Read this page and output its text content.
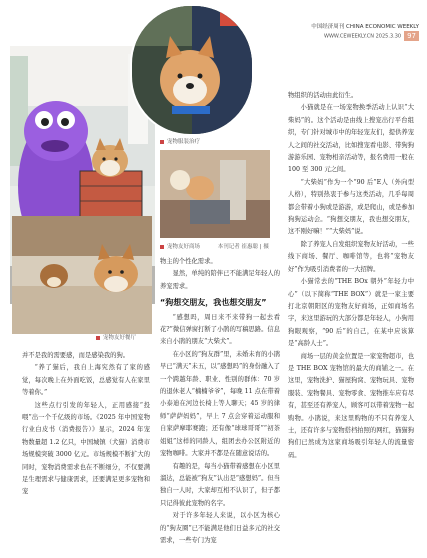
中国经济周刊 CHINA ECONOMIC WEEKLY
WWW.CEWEEKLY.CN 2025.3.30 97
宠物服装治疗
宠物友好商场	本刊记者 崔惠聪 | 摄
宠物友好餐厅

并不是我的需要感，而是感染我的狗。

“养了猫后，我自上海究然有了家的感觉，每次晚上在外面吃饭，总感觉有人在家里等着你。”

这些点行引发的年轻人，正用感接“投喂”出一个千亿级的市场。《2025 年中国宠物行业白皮书（消费报告）》显示，2024 年宠物数量超 1.2 亿只，中国城镇（犬猫）消费市场规模突破 3000 亿元。市场规模不断扩大的同时，宠物消费需求也在不断细分，不仅要满足生理需求与健康需求，还要满足更多宠物和宠

物主的个性化需求。

显然，单纯的陪伴已不能满足年轻人的养宠需求。

“狗想交朋友，我也想交朋友”

“感想吗，周日来不来带狗一起去看花?”微信弹窗打断了小鹃的写稿思路。信息来自小鹃的朋友“大柴犬”。

在小区的“狗友群”里，未婚未育的小鹃早已“满天”未五，以“感想吗”的身份融入了一个跨越年龄、职业、性别的群体：70 岁的退休老人“楠楠爷爷”，每晚 11 点在带着小泰迪在河边长椅上等人聊天；45 岁的律师“萨萨妈妈”，早上 7 点会穿着运动服和自家萨摩耶赛跑；还有像“球球哥哥”“初茶姐姐”这样的同龄人，组团去办公区附近的宠物咖啡。大家并不都是在随意说话的。

有趣的是，每当小猫带着感想在小区里溜达，总能被“狗友”认出是“感想妈”。但当独自一人时，大家却互相不认识了，但子都只记得彼此宠物的名字。

对于许多年轻人来说，以小区为核心的“狗友圈”已不能满足他们日益多元的社交需求，一些专门为宠

物组织的活动由此衍生。

小猫就是在一场宠物换季活动上认识“大柴妈”的。这个活动是由线上搜宠出行平台组织，专门针对城市中的年轻宠友们，提供养宠人之间的社交活动，比如搜宠看电影、带狗狗游游乐园、宠物相亲活动等，报名费用一般在 100 至 300 元之间。

“大柴妈”作为一个“90 后”E人（外向型人格），特别热衷于参与这类活动，几乎每周都会带着小狗或是游游，或是爬山，或是参加狗狗运动会。“狗想交朋友，我也想交朋友，这不刚好嘛！”“大柴妈”说。

除了养宠人自发组织宠物友好活动，一些线下商场、餐厅、咖啡馆等，也将“宠物友好”作为吸引消费者的一大招牌。

小猫常去的“THE BOx 朝外”年轻力中心”（以下简称“THE BOX”）就是一家主要打北京朝阳区的宠物友好商场，正如商场名字，来这里游玩的大部分都是年轻人，小狗用狗眼观察，“90 后”的自己，在某中应该算是“高龄人士”。

商场一层的黄金位置是一家宠物超市，也是 THE BOX 宠物馆的最大的商铺之一。在这里，宠物洗护、猫屋狗窝、宠物玩具、宠物服装、宠物餐具、宠物零食、宠物推车应有尽有，甚至还有养宠人，顾客可以带着宠物一起购物。小鹃说，来这里购物的不只有养宠人士，还有许多与宠物搭档拍照的网红，猫猫狗狗们已然成为这家商场吸引年轻人的流量密码。
